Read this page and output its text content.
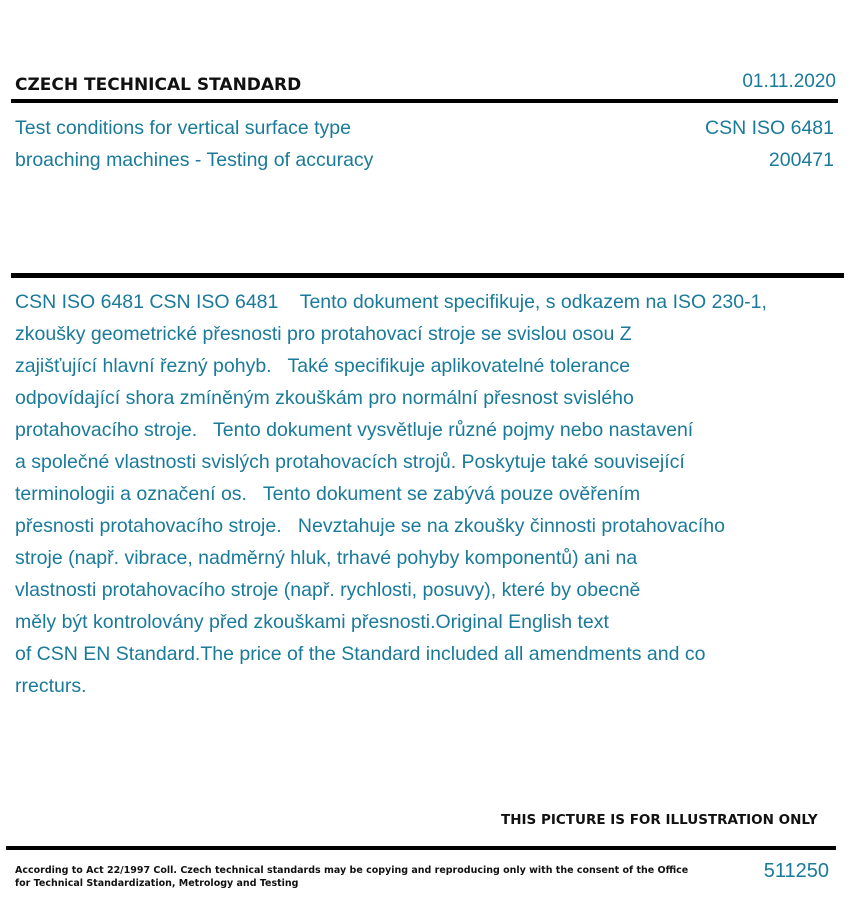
CZECH TECHNICAL STANDARD	01.11.2020
Test conditions for vertical surface type
broaching machines - Testing of accuracy
CSN ISO 6481
200471
CSN ISO 6481 CSN ISO 6481    Tento dokument specifikuje, s odkazem na ISO 230-1,
zkoušky geometrické přesnosti pro protahovací stroje se svislou osou Z
zajišťující hlavní řezný pohyb.   Také specifikuje aplikovatelné tolerance
odpovídající shora zmíněným zkouškám pro normální přesnost svislého
protahovacího stroje.   Tento dokument vysvětluje různé pojmy nebo nastavení
a společné vlastnosti svislých protahovacích strojů. Poskytuje také související
terminologii a označení os.   Tento dokument se zabývá pouze ověřením
přesnosti protahovacího stroje.   Nevztahuje se na zkoušky činnosti protahovacího
stroje (např. vibrace, nadměrný hluk, trhavé pohyby komponentů) ani na
vlastnosti protahovacího stroje (např. rychlosti, posuvy), které by obecně
měly být kontrolovány před zkouškami přesnosti.Original English text
of CSN EN Standard.The price of the Standard included all amendments and co
rrecturs.
THIS PICTURE IS FOR ILLUSTRATION ONLY
According to Act 22/1997 Coll. Czech technical standards may be copying and reproducing only with the consent of the Office
for Technical Standardization, Metrology and Testing
511250
